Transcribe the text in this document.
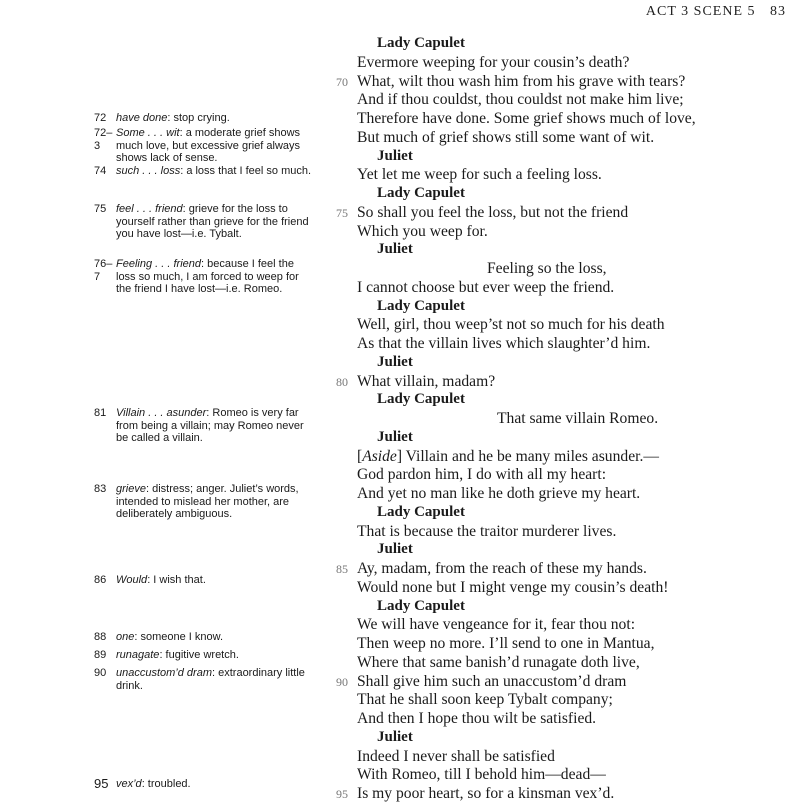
ACT 3 SCENE 5 83
Lady Capulet
Evermore weeping for your cousin’s death?
What, wilt thou wash him from his grave with tears?
70
And if thou couldst, thou couldst not make him live;
Therefore have done. Some grief shows much of love,
But much of grief shows still some want of wit.
Juliet
Yet let me weep for such a feeling loss.
Lady Capulet
So shall you feel the loss, but not the friend
75
Which you weep for.
Juliet
Feeling so the loss,
I cannot choose but ever weep the friend.
Lady Capulet
Well, girl, thou weep’st not so much for his death
As that the villain lives which slaughter’d him.
Juliet
What villain, madam?
80
Lady Capulet
That same villain Romeo.
Juliet
[Aside] Villain and he be many miles asunder.—
God pardon him, I do with all my heart:
And yet no man like he doth grieve my heart.
Lady Capulet
That is because the traitor murderer lives.
Juliet
Ay, madam, from the reach of these my hands.
85
Would none but I might venge my cousin’s death!
Lady Capulet
We will have vengeance for it, fear thou not:
Then weep no more. I’ll send to one in Mantua,
Where that same banish’d runagate doth live,
Shall give him such an unaccustom’d dram
90
That he shall soon keep Tybalt company;
And then I hope thou wilt be satisfied.
Juliet
Indeed I never shall be satisfied
With Romeo, till I behold him—dead—
Is my poor heart, so for a kinsman vex’d.
95
72 have done: stop crying.
72–3
Some . . . wit: a moderate grief shows much love, but excessive grief always shows lack of sense.
74 such . . . loss: a loss that I feel so much.
75 feel . . . friend: grieve for the loss to yourself rather than grieve for the friend you have lost—i.e. Tybalt.
76–7
Feeling . . . friend: because I feel the loss so much, I am forced to weep for the friend I have lost—i.e. Romeo.
81 Villain . . . asunder: Romeo is very far from being a villain; may Romeo never be called a villain.
83 grieve: distress; anger. Juliet’s words, intended to mislead her mother, are deliberately ambiguous.
86 Would: I wish that.
88 one: someone I know.
89 runagate: fugitive wretch.
90 unaccustom’d dram: extraordinary little drink.
95 vex’d: troubled.
